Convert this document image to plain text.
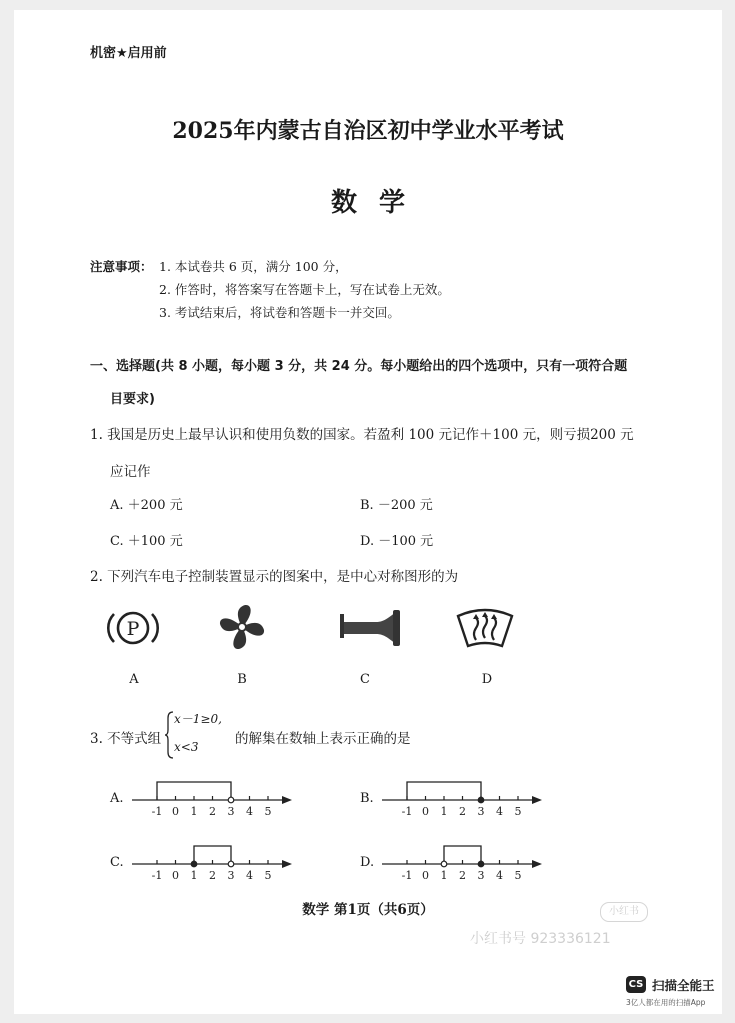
机密★启用前
2025年内蒙古自治区初中学业水平考试
数学
注意事项： 1. 本试卷共 6 页，满分 100 分，
2. 作答时，将答案写在答题卡上，写在试卷上无效。
3. 考试结束后，将试卷和答题卡一并交回。
一、选择题(共 8 小题，每小题 3 分，共 24 分。每小题给出的四个选项中，只有一项符合题
目要求)
1. 我国是历史上最早认识和使用负数的国家。若盈利 100 元记作＋100 元，则亏损200 元
应记作
A. ＋200 元	B. －200 元
C. ＋100 元	D. －100 元
2. 下列汽车电子控制装置显示的图案中，是中心对称图形的为
P
A	B	C	D
3. 不等式组
x－1≥0,
x<3	的解集在数轴上表示正确的是
A.	B.
C.	D.
-1 0 1 2 3 4 5	-1 0 1 2 3 4 5
-1 0 1 2 3 4 5	-1 0 1 2 3 4 5
数学 第1页（共6页）	小红书
小红书号 923336121
CS 扫描全能王
3亿人都在用的扫描App
